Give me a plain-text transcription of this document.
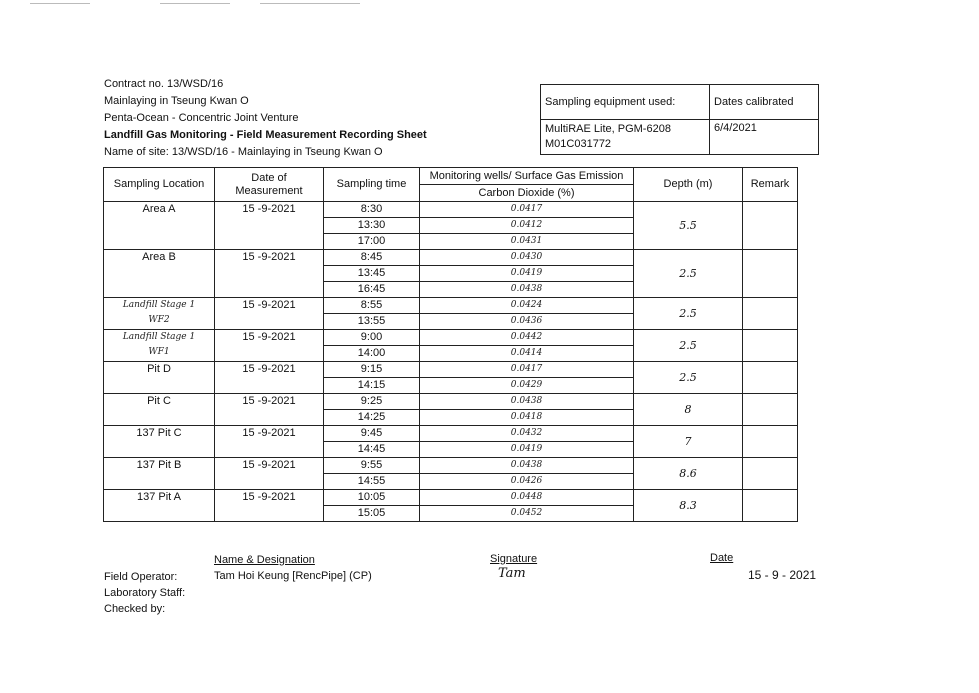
Contract no. 13/WSD/16
Mainlaying in Tseung Kwan O
Penta-Ocean - Concentric Joint Venture
Landfill Gas Monitoring - Field Measurement Recording Sheet
Name of site: 13/WSD/16 - Mainlaying in Tseung Kwan O
Sampling equipment used:	Dates calibrated

MultiRAE Lite, PGM-6208
M01C031772	6/4/2021
Sampling Location	Date of Measurement	Sampling time	Monitoring wells/ Surface Gas Emission	Depth (m)	Remark
			Carbon Dioxide (%)		

Area A	15 -9-2021	8:30	0.0417	5.5	
		13:30	0.0412		
		17:00	0.0431		

Area B	15 -9-2021	8:45	0.0430	2.5	
		13:45	0.0419		
		16:45	0.0438		

Landfill Stage 1
WF2	15 -9-2021	8:55	0.0424	2.5	
		13:55	0.0436		

Landfill Stage 1
WF1	15 -9-2021	9:00	0.0442	2.5	
		14:00	0.0414		

Pit D	15 -9-2021	9:15	0.0417	2.5	
		14:15	0.0429		

Pit C	15 -9-2021	9:25	0.0438	8	
		14:25	0.0418		

137 Pit C	15 -9-2021	9:45	0.0432	7	
		14:45	0.0419		

137 Pit B	15 -9-2021	9:55	0.0438	8.6	
		14:55	0.0426		

137 Pit A	15 -9-2021	10:05	0.0448	8.3	
		15:05	0.0452		
Name & Designation	Signature	Date
Field Operator:
Laboratory Staff:
Checked by:
Tam Hoi Keung [RencPipe] (CP)	Tam	15 - 9 - 2021
